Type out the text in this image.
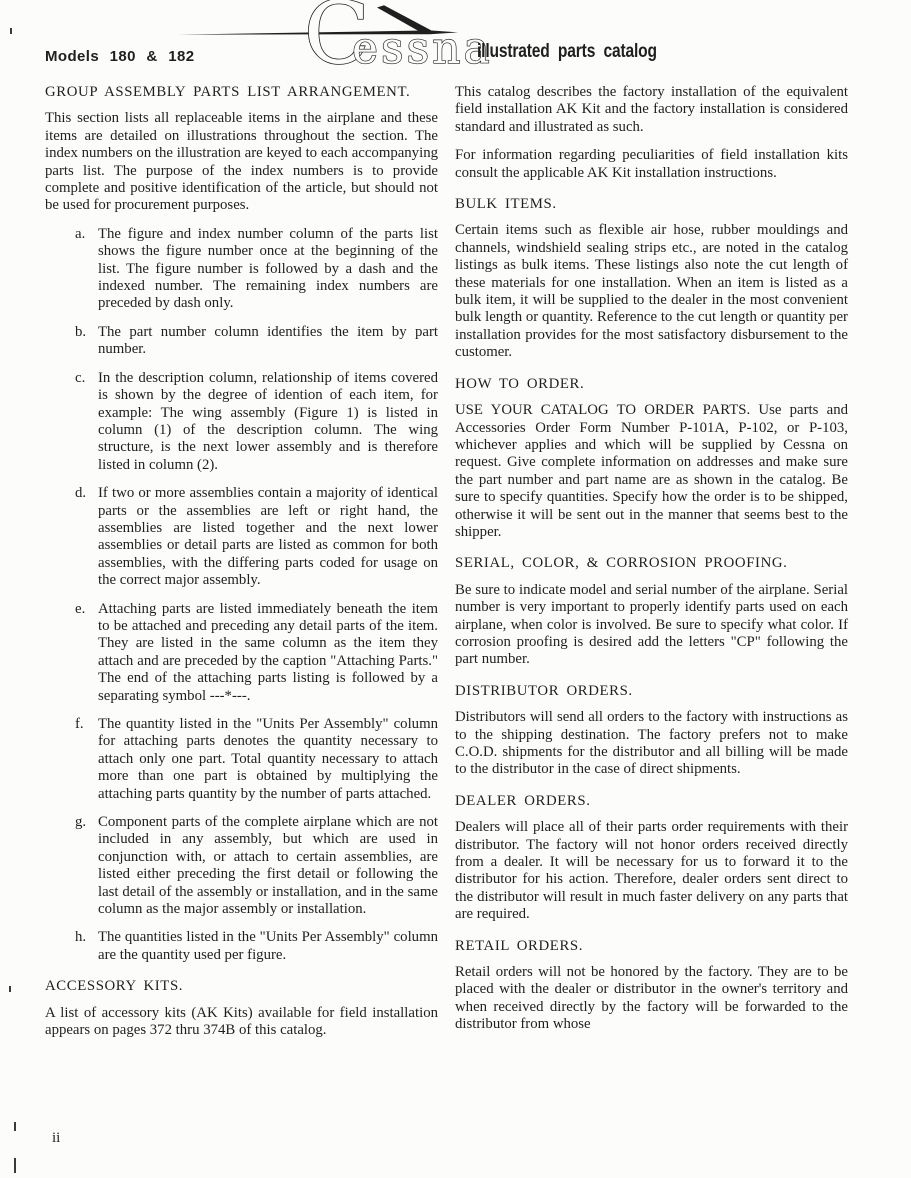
Models 180 & 182 C
essna
illustrated parts catalog
GROUP ASSEMBLY PARTS LIST ARRANGEMENT.
This section lists all replaceable items in the airplane and these items are detailed on illustrations throughout the section. The index numbers on the illustration are keyed to each accompanying parts list. The purpose of the index numbers is to provide complete and positive identification of the article, but should not be used for procurement purposes.
a. The figure and index number column of the parts list shows the figure number once at the beginning of the list. The figure number is followed by a dash and the indexed number. The remaining index numbers are preceded by dash only.
b. The part number column identifies the item by part number.
c. In the description column, relationship of items covered is shown by the degree of idention of each item, for example: The wing assembly (Figure 1) is listed in column (1) of the description column. The wing structure, is the next lower assembly and is therefore listed in column (2).
d. If two or more assemblies contain a majority of identical parts or the assemblies are left or right hand, the assemblies are listed together and the next lower assemblies or detail parts are listed as common for both assemblies, with the differing parts coded for usage on the correct major assembly.
e. Attaching parts are listed immediately beneath the item to be attached and preceding any detail parts of the item. They are listed in the same column as the item they attach and are preceded by the caption "Attaching Parts." The end of the attaching parts listing is followed by a separating symbol ---*---.
f. The quantity listed in the "Units Per Assembly" column for attaching parts denotes the quantity necessary to attach only one part. Total quantity necessary to attach more than one part is obtained by multiplying the attaching parts quantity by the number of parts attached.
g. Component parts of the complete airplane which are not included in any assembly, but which are used in conjunction with, or attach to certain assemblies, are listed either preceding the first detail or following the last detail of the assembly or installation, and in the same column as the major assembly or installation.
h. The quantities listed in the "Units Per Assembly" column are the quantity used per figure.
ACCESSORY KITS.
A list of accessory kits (AK Kits) available for field installation appears on pages 372 thru 374B of this catalog.
This catalog describes the factory installation of the equivalent field installation AK Kit and the factory installation is considered standard and illustrated as such.
For information regarding peculiarities of field installation kits consult the applicable AK Kit installation instructions.
BULK ITEMS.
Certain items such as flexible air hose, rubber mouldings and channels, windshield sealing strips etc., are noted in the catalog listings as bulk items. These listings also note the cut length of these materials for one installation. When an item is listed as a bulk item, it will be supplied to the dealer in the most convenient bulk length or quantity. Reference to the cut length or quantity per installation provides for the most satisfactory disbursement to the customer.
HOW TO ORDER.
USE YOUR CATALOG TO ORDER PARTS. Use parts and Accessories Order Form Number P-101A, P-102, or P-103, whichever applies and which will be supplied by Cessna on request. Give complete information on addresses and make sure the part number and part name are as shown in the catalog. Be sure to specify quantities. Specify how the order is to be shipped, otherwise it will be sent out in the manner that seems best to the shipper.
SERIAL, COLOR, & CORROSION PROOFING.
Be sure to indicate model and serial number of the airplane. Serial number is very important to properly identify parts used on each airplane, when color is involved. Be sure to specify what color. If corrosion proofing is desired add the letters "CP" following the part number.
DISTRIBUTOR ORDERS.
Distributors will send all orders to the factory with instructions as to the shipping destination. The factory prefers not to make C.O.D. shipments for the distributor and all billing will be made to the distributor in the case of direct shipments.
DEALER ORDERS.
Dealers will place all of their parts order requirements with their distributor. The factory will not honor orders received directly from a dealer. It will be necessary for us to forward it to the distributor for his action. Therefore, dealer orders sent direct to the distributor will result in much faster delivery on any parts that are required.
RETAIL ORDERS.
Retail orders will not be honored by the factory. They are to be placed with the dealer or distributor in the owner's territory and when received directly by the factory will be forwarded to the distributor from whose
ii
